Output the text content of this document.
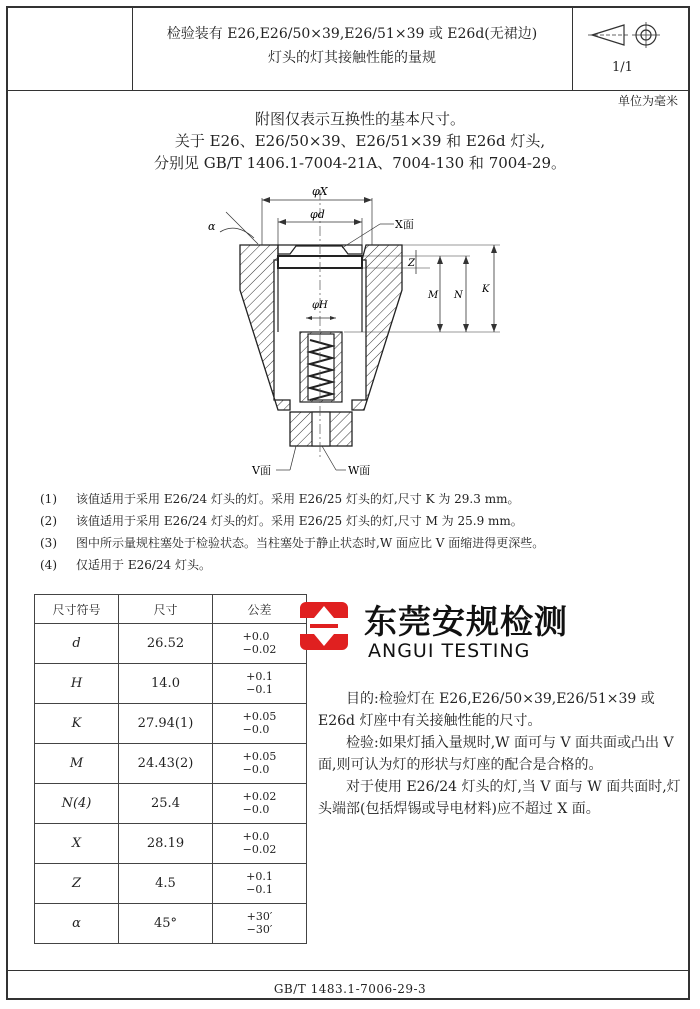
检验装有 E26,E26/50×39,E26/51×39 或 E26d(无裙边)
灯头的灯其接触性能的量规
1/1
单位为毫米
附图仅表示互换性的基本尺寸。
关于 E26、E26/50×39、E26/51×39 和 E26d 灯头,
分别见 GB/T 1406.1-7004-21A、7004-130 和 7004-29。
φX
φd
X面
α
Z
M N
K
φH
V面	W面
(1) 该值适用于采用 E26/24 灯头的灯。采用 E26/25 灯头的灯,尺寸 K 为 29.3 mm。
(2) 该值适用于采用 E26/24 灯头的灯。采用 E26/25 灯头的灯,尺寸 M 为 25.9 mm。
(3) 图中所示量规柱塞处于检验状态。当柱塞处于静止状态时,W 面应比 V 面缩进得更深些。
(4) 仅适用于 E26/24 灯头。
尺寸符号	尺寸	公差
d	26.52	+0.0
−0.02
H	14.0	+0.1
−0.1
K	27.94(1)	+0.05
−0.0
M	24.43(2)	+0.05
−0.0
N(4)	25.4	+0.02
−0.0
X	28.19	+0.0
−0.02
Z	4.5	+0.1
−0.1
α	45°	+30′
−30′
东莞安规检测
ANGUI TESTING

目的:检验灯在 E26,E26/50×39,E26/51×39 或 E26d 灯座中有关接触性能的尺寸。

检验:如果灯插入量规时,W 面可与 V 面共面或凸出 V 面,则可认为灯的形状与灯座的配合是合格的。

对于使用 E26/24 灯头的灯,当 V 面与 W 面共面时,灯头端部(包括焊锡或导电材料)应不超过 X 面。

GB/T 1483.1-7006-29-3
